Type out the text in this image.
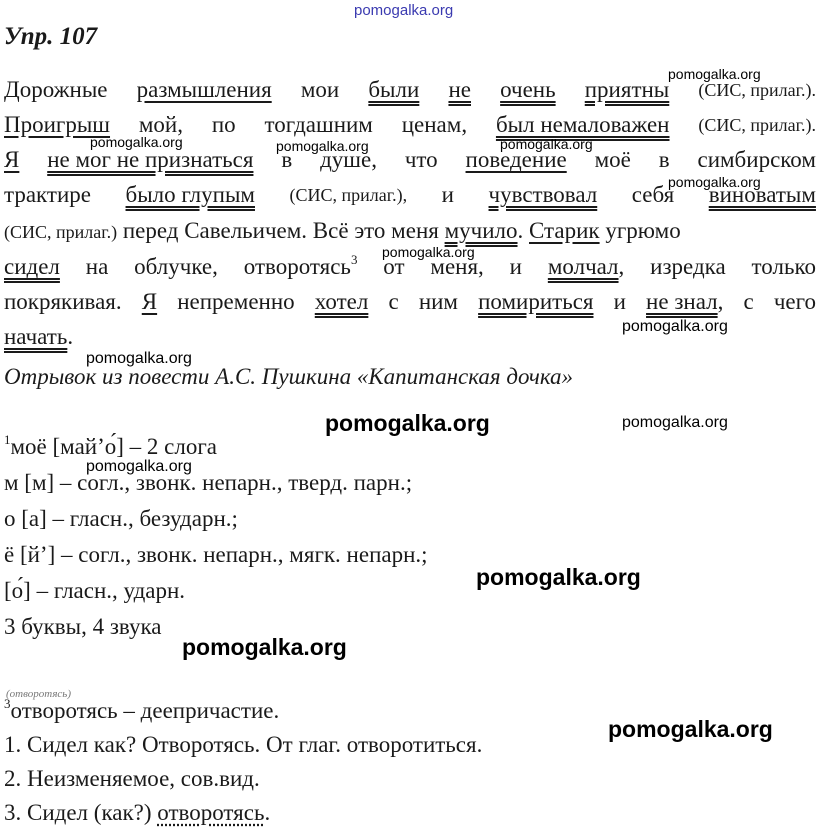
pomogalka.org
Упр. 107
Дорожные размышления мои были не очень приятны (СИС, прилаг.).
Проигрыш мой, по тогдашним ценам, был немаловажен (СИС, прилаг.).
Я не мог не признаться в душе, что поведение моё в симбирском
трактире было глупым (СИС, прилаг.), и чувствовал себя виноватым
(СИС, прилаг.) перед Савельичем. Всё это меня мучило. Старик угрюмо
сидел на облучке, отворотясь$^3$ от меня, и молчал, изредка только
покрякивая. Я непременно хотел с ним помириться и не знал, с чего
начать.
Отрывок из повести А.С. Пушкина «Капитанская дочка»
$^1$моё [май’о́] – 2 слога
м [м] – согл., звонк. непарн., тверд. парн.;
о [а] – гласн., безударн.;
ё [й’] – согл., звонк. непарн., мягк. непарн.;
[о́] – гласн., ударн.
3 буквы, 4 звука
(отворотясь)
$^3$отворотясь – деепричастие.
1. Сидел как? Отворотясь. От глаг. отворотиться.
2. Неизменяемое, сов.вид.
3. Сидел (как?) отворотясь.
pomogalka.org
pomogalka.org	pomogalka.org	pomogalka.org
pomogalka.org
pomogalka.org
pomogalka.org
pomogalka.org
pomogalka.org	pomogalka.org
pomogalka.org
pomogalka.org
pomogalka.org
pomogalka.org
